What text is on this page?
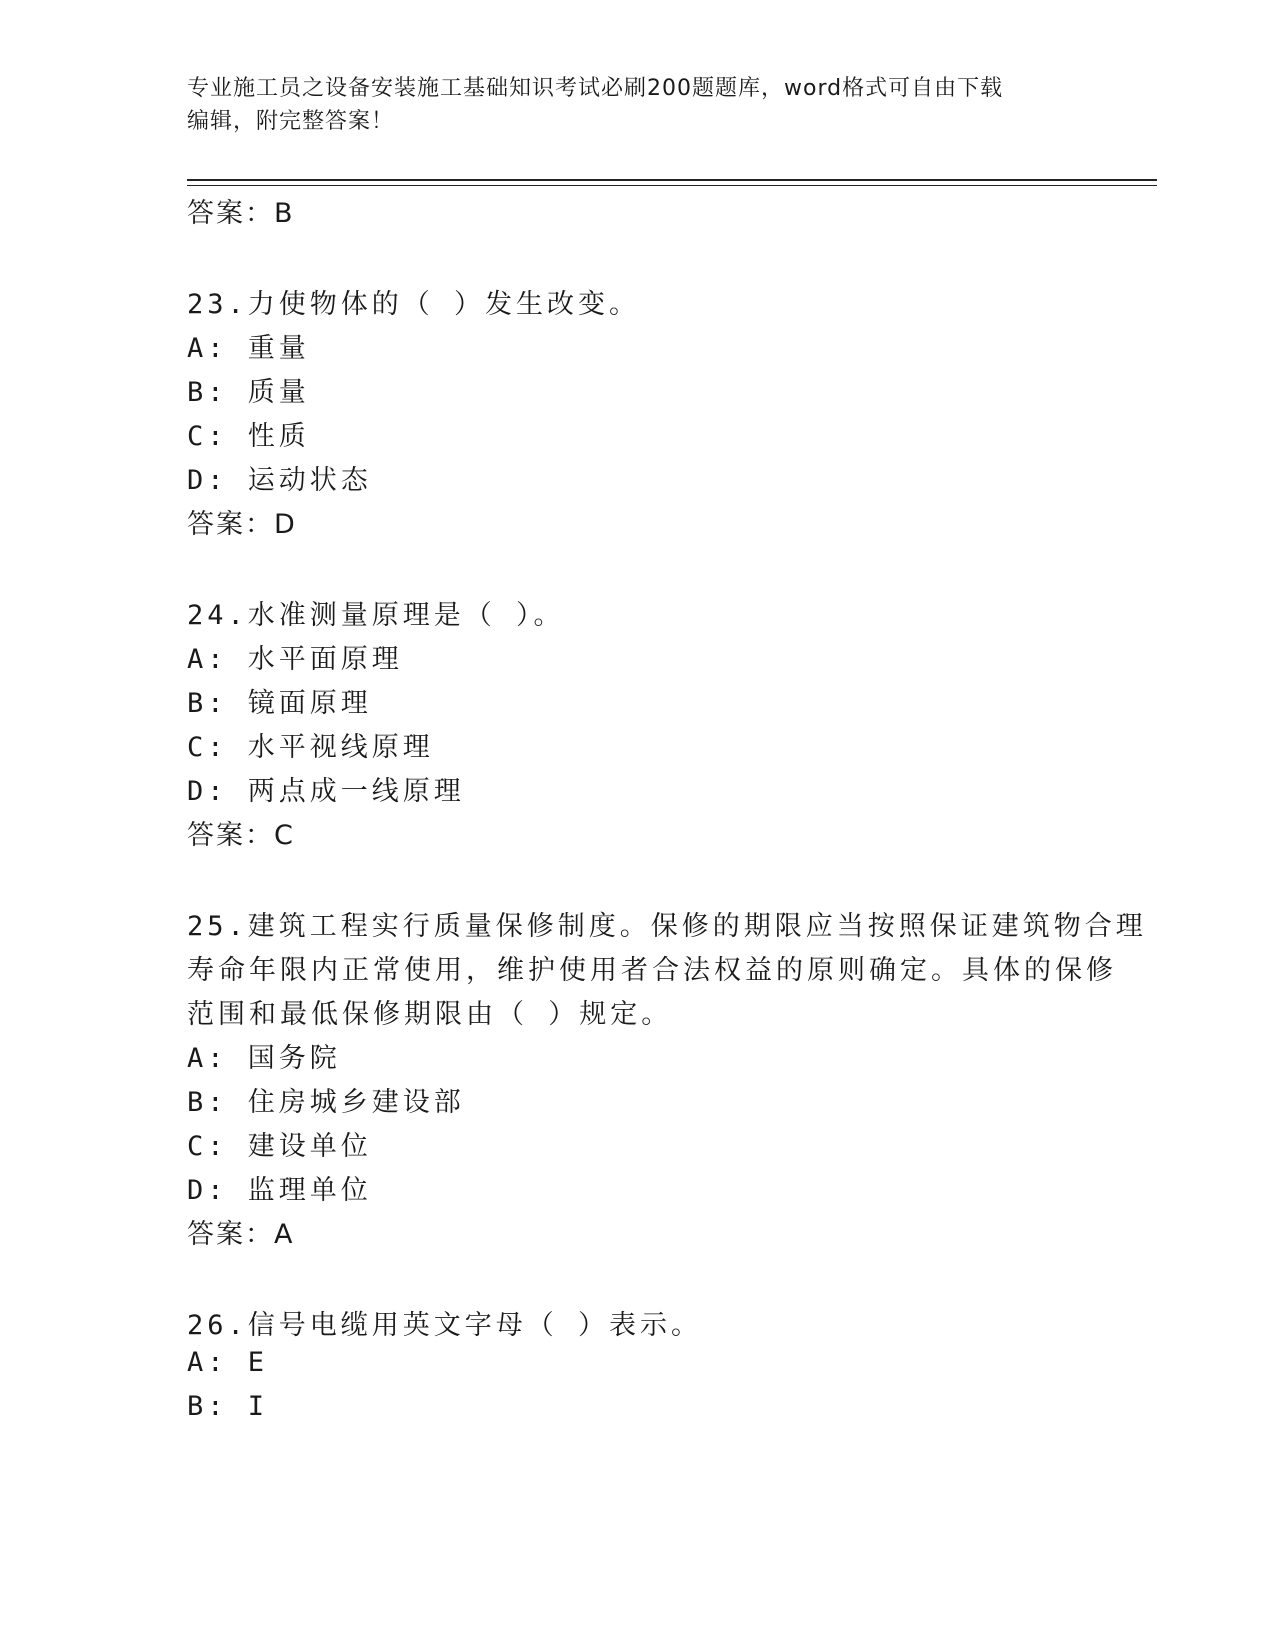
专业施工员之设备安装施工基础知识考试必刷200题题库，word格式可自由下载
编辑，附完整答案！
答案：B
23.力使物体的（ ）发生改变。
A: 重量
B: 质量
C: 性质
D: 运动状态
答案：D
24.水准测量原理是（ ）。
A: 水平面原理
B: 镜面原理
C: 水平视线原理
D: 两点成一线原理
答案：C
25.建筑工程实行质量保修制度。保修的期限应当按照保证建筑物合理
寿命年限内正常使用，维护使用者合法权益的原则确定。具体的保修
范围和最低保修期限由（ ）规定。
A: 国务院
B: 住房城乡建设部
C: 建设单位
D: 监理单位
答案：A
26.信号电缆用英文字母（ ）表示。
A: E
B: I
